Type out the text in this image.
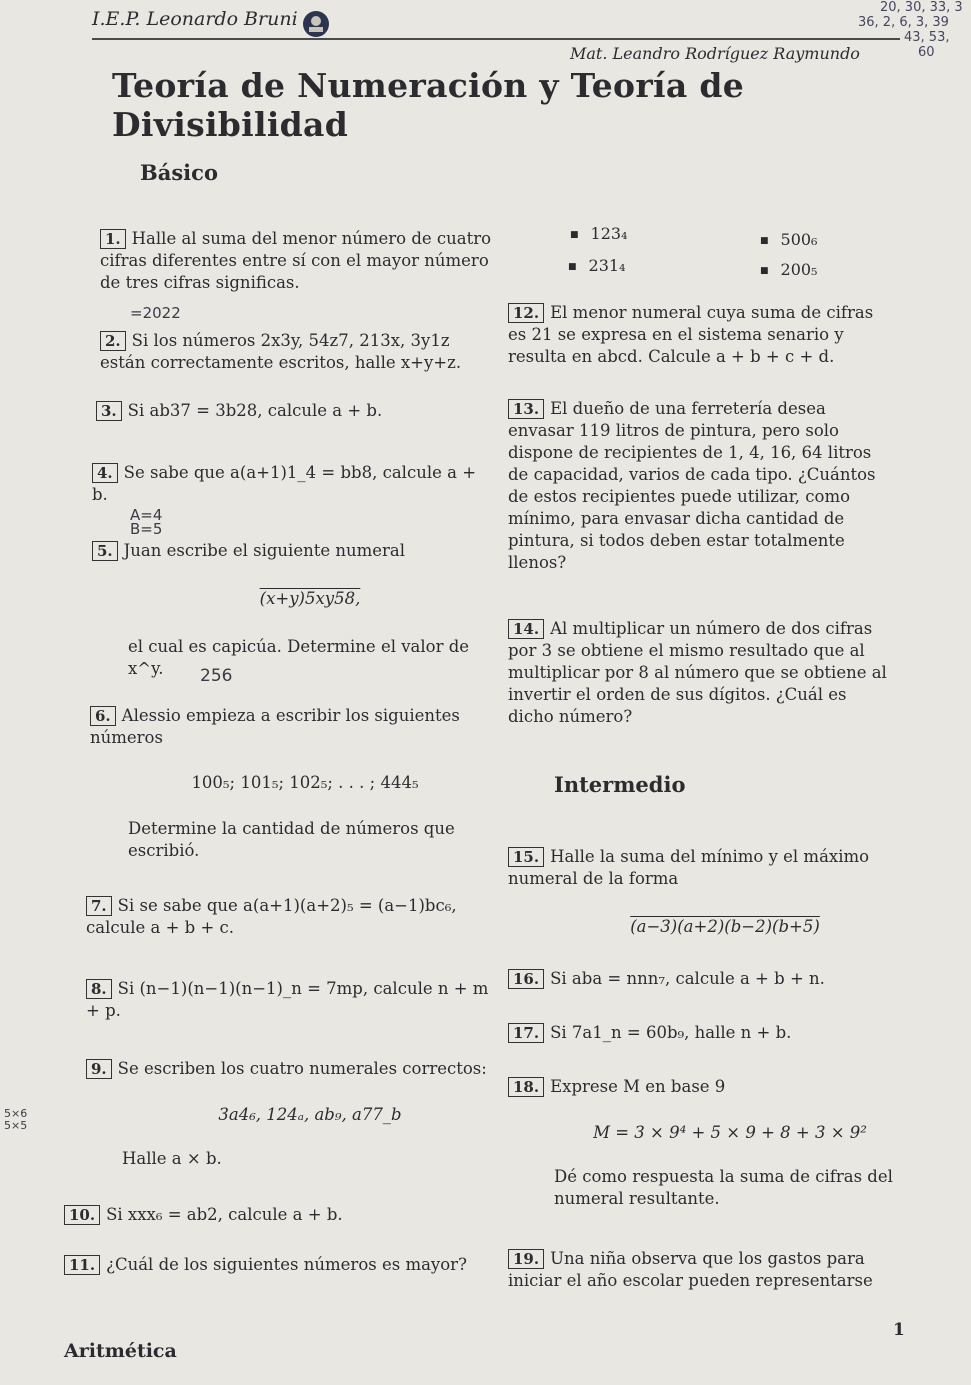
I.E.P. Leonardo Bruni
Mat. Leandro Rodríguez Raymundo
20, 30, 33, 3
36, 2, 6, 3, 39
43, 53,
60
Teoría de Numeración y Teoría de Divisibilidad
Básico
1. Halle al suma del menor número de cuatro cifras diferentes entre sí con el mayor número de tres cifras significas.
=2022
2. Si los números 2x3y, 54z7, 213x, 3y1z están correctamente escritos, halle x+y+z.
3. Si ab37 = 3b28, calcule a + b.
4. Se sabe que a(a+1)1_4 = bb8, calcule a + b.
A=4
B=5
5. Juan escribe el siguiente numeral
(x+y)5xy58,
el cual es capicúa. Determine el valor de x^y.	256
6. Alessio empieza a escribir los siguientes números
100₅; 101₅; 102₅; . . . ; 444₅
Determine la cantidad de números que escribió.
7. Si se sabe que a(a+1)(a+2)₅ = (a−1)bc₆, calcule a + b + c.
8. Si (n−1)(n−1)(n−1)_n = 7mp, calcule n + m + p.
9. Se escriben los cuatro numerales correctos:
5×6 5×5
3a4₆, 124ₐ, ab₉, a77_b
Halle a × b.
10. Si xxx₆ = ab2, calcule a + b.
11. ¿Cuál de los siguientes números es mayor?
■ 123₄	■ 500₆
■ 231₄	■ 200₅
12. El menor numeral cuya suma de cifras es 21 se expresa en el sistema senario y resulta en abcd. Calcule a + b + c + d.
13. El dueño de una ferretería desea envasar 119 litros de pintura, pero solo dispone de recipientes de 1, 4, 16, 64 litros de capacidad, varios de cada tipo. ¿Cuántos de estos recipientes puede utilizar, como mínimo, para envasar dicha cantidad de pintura, si todos deben estar totalmente llenos?
14. Al multiplicar un número de dos cifras por 3 se obtiene el mismo resultado que al multiplicar por 8 al número que se obtiene al invertir el orden de sus dígitos. ¿Cuál es dicho número?
Intermedio
15. Halle la suma del mínimo y el máximo numeral de la forma
(a−3)(a+2)(b−2)(b+5)
16. Si aba = nnn₇, calcule a + b + n.
17. Si 7a1_n = 60b₉, halle n + b.
18. Exprese M en base 9
M = 3 × 9⁴ + 5 × 9 + 8 + 3 × 9²
Dé como respuesta la suma de cifras del numeral resultante.
19. Una niña observa que los gastos para iniciar el año escolar pueden representarse
1
Aritmética
